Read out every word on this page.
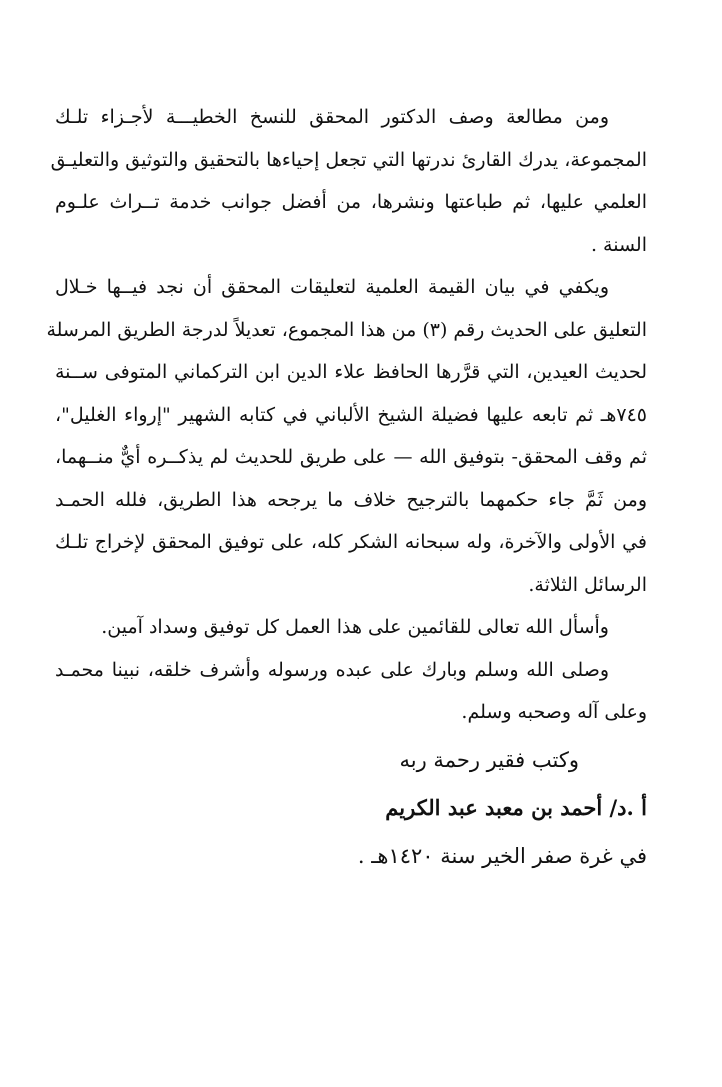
ومن مطالعة وصف الدكتور المحقق للنسخ الخطيـــة لأجـزاء تلـك
المجموعة، يدرك القارئ ندرتها التي تجعل إحياءها بالتحقيق والتوثيق والتعليـق
العلمي عليها، ثم طباعتها ونشرها، من أفضل جوانب خدمة تــراث علـوم
السنة .

ويكفي في بيان القيمة العلمية لتعليقات المحقق أن نجد فيــها خـلال
التعليق على الحديث رقم (٣) من هذا المجموع، تعديلاً لدرجة الطريق المرسلة
لحديث العيدين، التي قرَّرها الحافظ علاء الدين ابن التركماني المتوفى ســنة
٧٤٥هـ ثم تابعه عليها فضيلة الشيخ الألباني في كتابه الشهير "إرواء الغليل"،
ثم وقف المحقق- بتوفيق الله — على طريق للحديث لم يذكــره أيٌّ منــهما،
ومن ثَمَّ جاء حكمهما بالترجيح خلاف ما يرجحه هذا الطريق، فلله الحمـد
في الأولى والآخرة، وله سبحانه الشكر كله، على توفيق المحقق لإخراج تلـك
الرسائل الثلاثة.

وأسأل الله تعالى للقائمين على هذا العمل كل توفيق وسداد آمين.

وصلى الله وسلم وبارك على عبده ورسوله وأشرف خلقه، نبينا محمـد
وعلى آله وصحبه وسلم.

وكتب فقير رحمة ربه

أ .د/ أحمد بن معبد عبد الكريم

في غرة صفر الخير سنة ١٤٢٠هـ .
